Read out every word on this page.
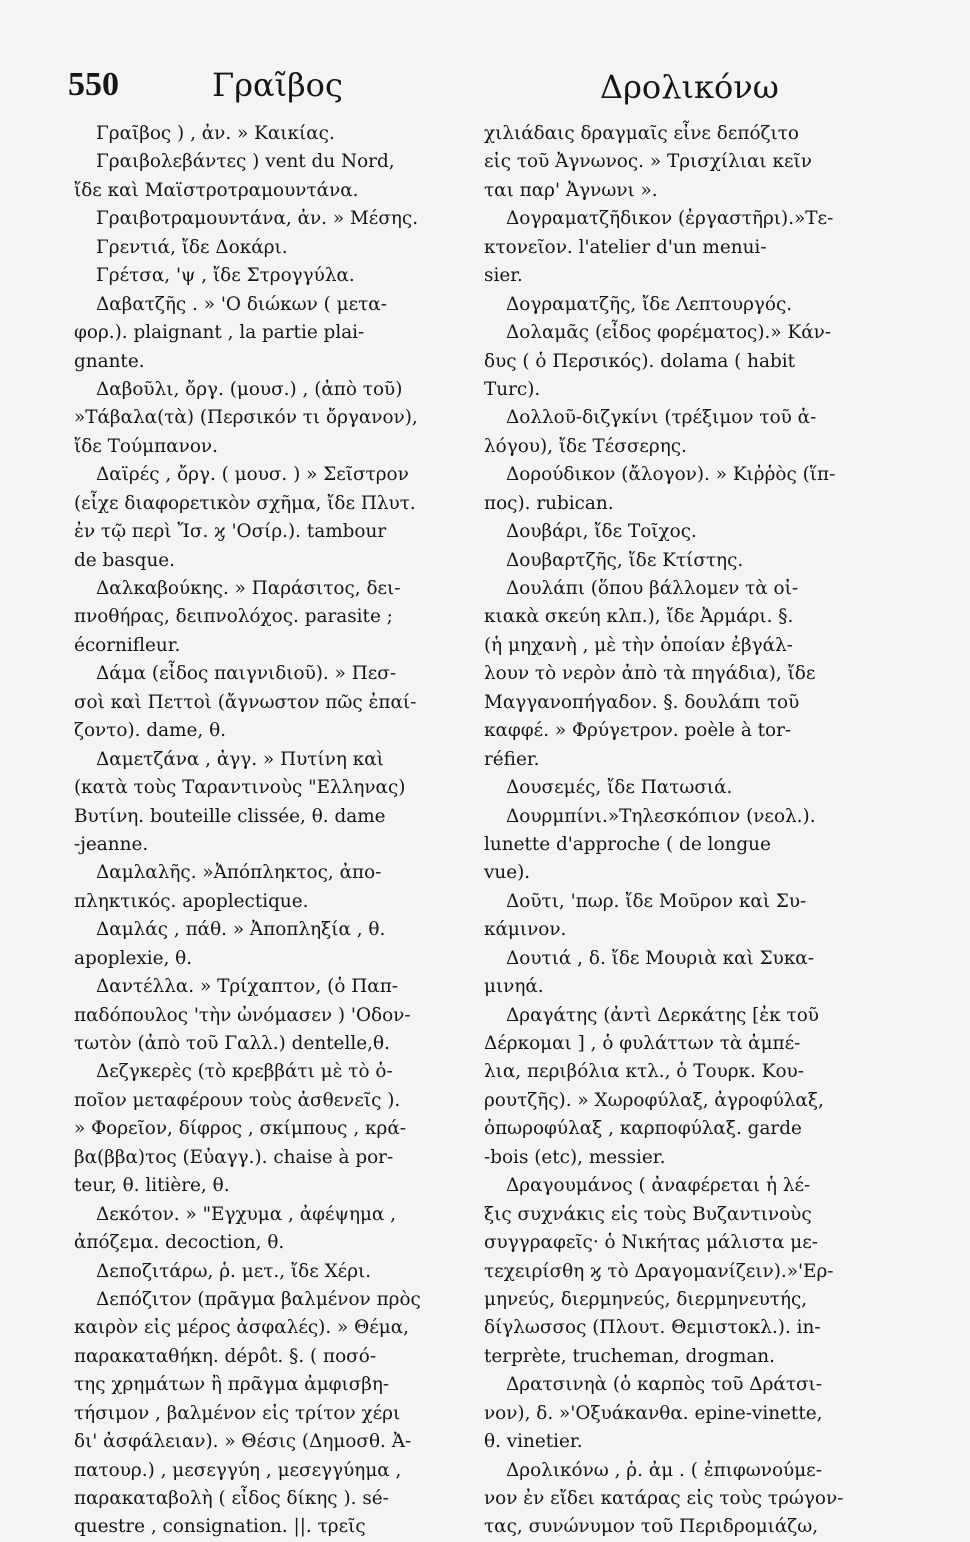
550	Γραῖβος	Δρολικόνω
Γραῖβος ) , ἀν. » Καικίας.
Γραιβολεβάντες ) vent du Nord,
ἴδε καὶ Μαϊστροτραμουντάνα.
Γραιβοτραμουντάνα, ἀν. » Μέσης.
Γρεντιά, ἴδε Δοκάρι.
Γρέτσα, 'ψ , ἴδε Στρογγύλα.
Δαβατζῆς . » 'Ο διώκων ( μετα-
φορ.). plaignant , la partie plai-
gnante.
Δαβοῦλι, ὄργ. (μουσ.) , (ἀπὸ τοῦ)
»Τάβαλα(τὰ) (Περσικόν τι ὄργανον),
ἴδε Τούμπανον.
Δαϊρές , ὄργ. ( μουσ. ) » Σεῖστρον
(εἶχε διαφορετικὸν σχῆμα, ἴδε Πλυτ.
ἐν τῷ περὶ Ἴσ. ϗ 'Οσίρ.). tambour
de basque.
Δαλκαβούκης. » Παράσιτος, δει-
πνοθήρας, δειπνολόχος. parasite ;
écornifleur.
Δάμα (εἶδος παιγνιδιοῦ). » Πεσ-
σοὶ καὶ Πεττοὶ (ἄγνωστον πῶς ἐπαί-
ζοντο). dame, θ.
Δαμετζάνα , ἀγγ. » Πυτίνη καὶ
(κατὰ τοὺς Ταραντινοὺς "Ελληνας)
Βυτίνη. bouteille clissée, θ. dame
-jeanne.
Δαμλαλῆς. »Ἀπόπληκτος, ἀπο-
πληκτικός. apoplectique.
Δαμλάς , πάθ. » Ἀποπληξία , θ.
apoplexie, θ.
Δαντέλλα. » Τρίχαπτον, (ὁ Παπ-
παδόπουλος 'τὴν ὠνόμασεν ) 'Οδον-
τωτὸν (ἀπὸ τοῦ Γαλλ.) dentelle,θ.
Δεζγκερὲς (τὸ κρεββάτι μὲ τὸ ὁ-
ποῖον μεταφέρουν τοὺς ἀσθενεῖς ).
» Φορεῖον, δίφρος , σκίμπους , κρά-
βα(ββα)τος (Εὐαγγ.). chaise à por-
teur, θ. litière, θ.
Δεκότον. » "Εγχυμα , ἀφέψημα ,
ἀπόζεμα. decoction, θ.
Δεποζιτάρω, ῥ. μετ., ἴδε Χέρι.
Δεπόζιτον (πρᾶγμα βαλμένον πρὸς
καιρὸν εἰς μέρος ἀσφαλές). » Θέμα,
παρακαταθήκη. dépôt. §. ( ποσό-
της χρημάτων ἢ πρᾶγμα ἀμφισβη-
τήσιμον , βαλμένον εἰς τρίτον χέρι
δι' ἀσφάλειαν). » Θέσις (Δημοσθ. Ἀ-
πατουρ.) , μεσεγγύη , μεσεγγύημα ,
παρακαταβολὴ ( εἶδος δίκης ). sé-
questre , consignation. ||. τρεῖς
χιλιάδαις δραγμαῖς εἶνε δεπόζιτο
εἰς τοῦ Ἀγνωνος. » Τρισχίλιαι κεῖν
ται παρ' Ἀγνωνι ».
Δογραματζῆδικον (ἐργαστῆρι).»Τε-
κτονεῖον. l'atelier d'un menui-
sier.
Δογραματζῆς, ἴδε Λεπτουργός.
Δολαμᾶς (εἶδος φορέματος).» Κάν-
δυς ( ὁ Περσικός). dolama ( habit
Turc).
Δολλοῦ-διζγκίνι (τρέξιμον τοῦ ἀ-
λόγου), ἴδε Τέσσερης.
Δορούδικον (ἄλογον). » Κιῤῥὸς (ἵπ-
πος). rubican.
Δουβάρι, ἴδε Τοῖχος.
Δουβαρτζῆς, ἴδε Κτίστης.
Δουλάπι (ὅπου βάλλομεν τὰ οἰ-
κιακὰ σκεύη κλπ.), ἴδε Ἀρμάρι. §.
(ἡ μηχανὴ , μὲ τὴν ὁποίαν ἐβγάλ-
λουν τὸ νερὸν ἀπὸ τὰ πηγάδια), ἴδε
Μαγγανοπήγαδον. §. δουλάπι τοῦ
καφφέ. » Φρύγετρον. poèle à tor-
réfier.
Δουσεμές, ἴδε Πατωσιά.
Δουρμπίνι.»Τηλεσκόπιον (νεολ.).
lunette d'approche ( de longue
vue).
Δοῦτι, 'πωρ. ἴδε Μοῦρον καὶ Συ-
κάμινον.
Δουτιά , δ. ἴδε Μουριὰ καὶ Συκα-
μινηά.
Δραγάτης (ἀντὶ Δερκάτης [ἐκ τοῦ
Δέρκομαι ] , ὁ φυλάττων τὰ ἀμπέ-
λια, περιβόλια κτλ., ὁ Τουρκ. Κου-
ρουτζῆς). » Χωροφύλαξ, ἀγροφύλαξ,
ὀπωροφύλαξ , καρποφύλαξ. garde
-bois (etc), messier.
Δραγουμάνος ( ἀναφέρεται ἡ λέ-
ξις συχνάκις εἰς τοὺς Βυζαντινοὺς
συγγραφεῖς· ὁ Νικήτας μάλιστα με-
τεχειρίσθη ϗ τὸ Δραγομανίζειν).»'Ερ-
μηνεύς, διερμηνεύς, διερμηνευτής,
δίγλωσσος (Πλουτ. Θεμιστοκλ.). in-
terprète, trucheman, drogman.
Δρατσινηὰ (ὁ καρπὸς τοῦ Δράτσι-
νον), δ. »'Οξυάκανθα. epine-vinette,
θ. vinetier.
Δρολικόνω , ῥ. ἀμ . ( ἐπιφωνούμε-
νον ἐν εἴδει κατάρας εἰς τοὺς τρώγον-
τας, συνώνυμον τοῦ Περιδρομιάζω,
